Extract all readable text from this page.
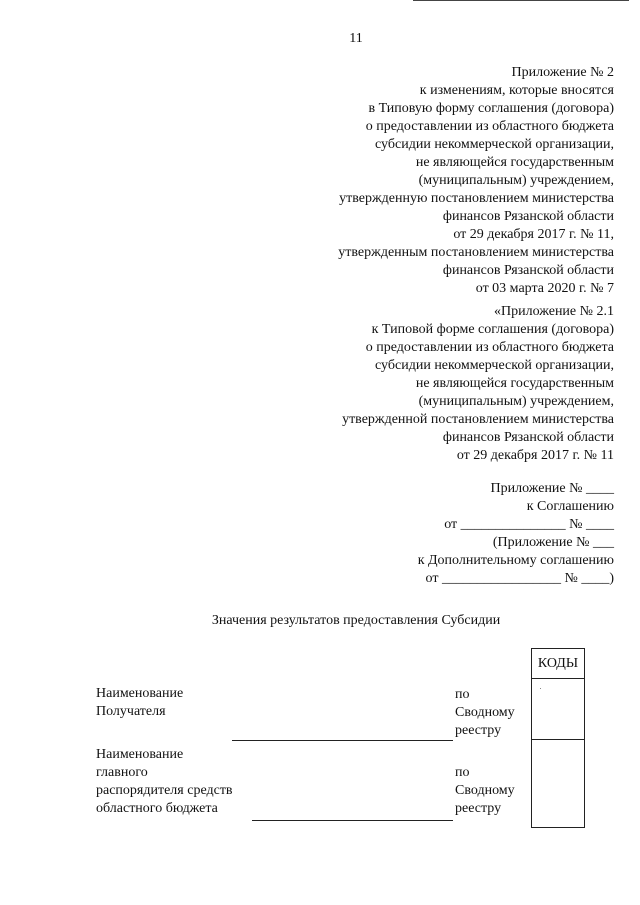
11
Приложение № 2
к изменениям, которые вносятся
в Типовую форму соглашения (договора)
о предоставлении из областного бюджета
субсидии некоммерческой организации,
не являющейся государственным
(муниципальным) учреждением,
утвержденную постановлением министерства
финансов Рязанской области
от 29 декабря 2017 г. № 11,
утвержденным постановлением министерства
финансов Рязанской области
от 03 марта 2020 г. № 7
«Приложение № 2.1
к Типовой форме соглашения (договора)
о предоставлении из областного бюджета
субсидии некоммерческой организации,
не являющейся государственным
(муниципальным) учреждением,
утвержденной постановлением министерства
финансов Рязанской области
от 29 декабря 2017 г. № 11
Приложение № ____
к Соглашению
от _______________ № ____
(Приложение № ___
к Дополнительному соглашению
от _________________ № ____)
Значения результатов предоставления Субсидии
КОДЫ
Наименование
Получателя
по
Сводному
реестру
Наименование
главного
распорядителя средств
областного бюджета
по
Сводному
реестру
